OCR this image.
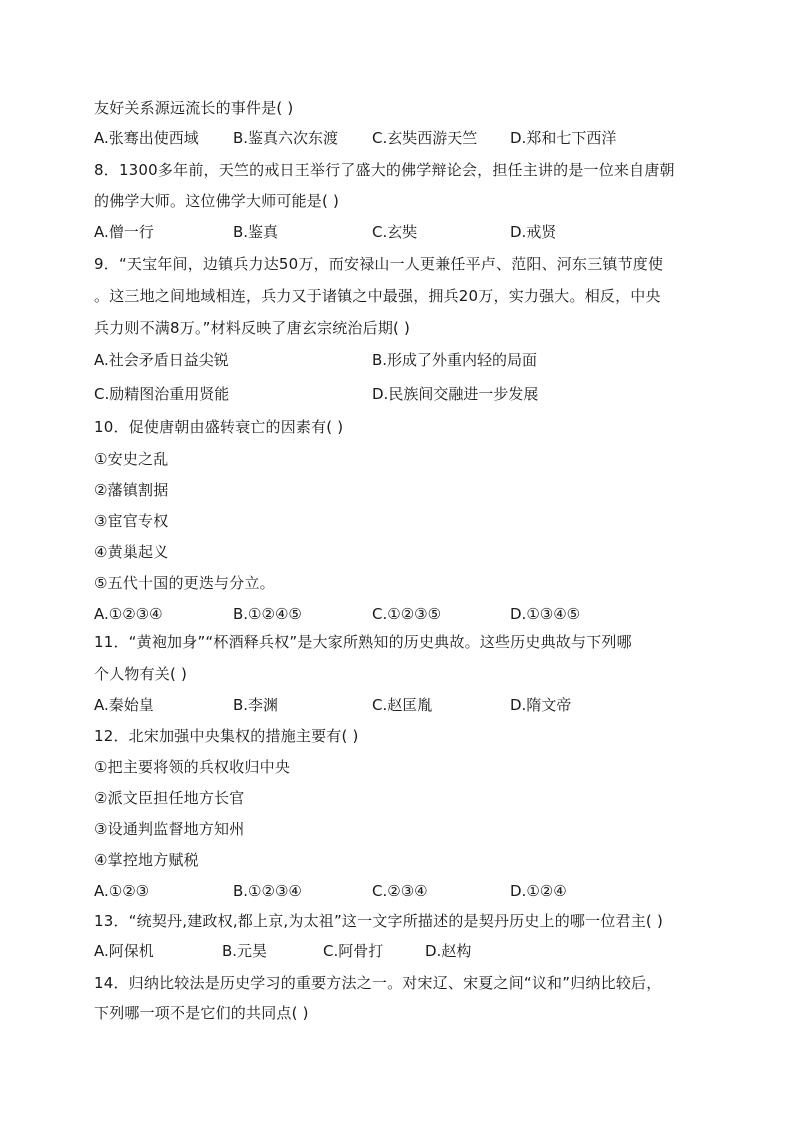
友好关系源远流长的事件是( )
A.张骞出使西域 B.鉴真六次东渡 C.玄奘西游天竺 D.郑和七下西洋
8．1300多年前，天竺的戒日王举行了盛大的佛学辩论会，担任主讲的是一位来自唐朝
的佛学大师。这位佛学大师可能是( )
A.僧一行	B.鉴真	C.玄奘	D.戒贤
9．“天宝年间，边镇兵力达50万，而安禄山一人更兼任平卢、范阳、河东三镇节度使
。这三地之间地域相连，兵力又于诸镇之中最强，拥兵20万，实力强大。相反，中央
兵力则不满8万。”材料反映了唐玄宗统治后期( )
A.社会矛盾日益尖锐	B.形成了外重内轻的局面
C.励精图治重用贤能	D.民族间交融进一步发展
10．促使唐朝由盛转衰亡的因素有( )
①安史之乱
②藩镇割据
③宦官专权
④黄巢起义
⑤五代十国的更迭与分立。
A.①②③④	B.①②④⑤	C.①②③⑤	D.①③④⑤
11．“黄袍加身”“杯酒释兵权”是大家所熟知的历史典故。这些历史典故与下列哪
个人物有关( )
A.秦始皇	B.李渊	C.赵匡胤	D.隋文帝
12．北宋加强中央集权的措施主要有( )
①把主要将领的兵权收归中央
②派文臣担任地方长官
③设通判监督地方知州
④掌控地方赋税
A.①②③	B.①②③④	C.②③④	D.①②④
13．“统契丹,建政权,都上京,为太祖”这一文字所描述的是契丹历史上的哪一位君主( )
A.阿保机	B.元昊	C.阿骨打	D.赵构
14．归纳比较法是历史学习的重要方法之一。对宋辽、宋夏之间“议和”归纳比较后，
下列哪一项不是它们的共同点( )
